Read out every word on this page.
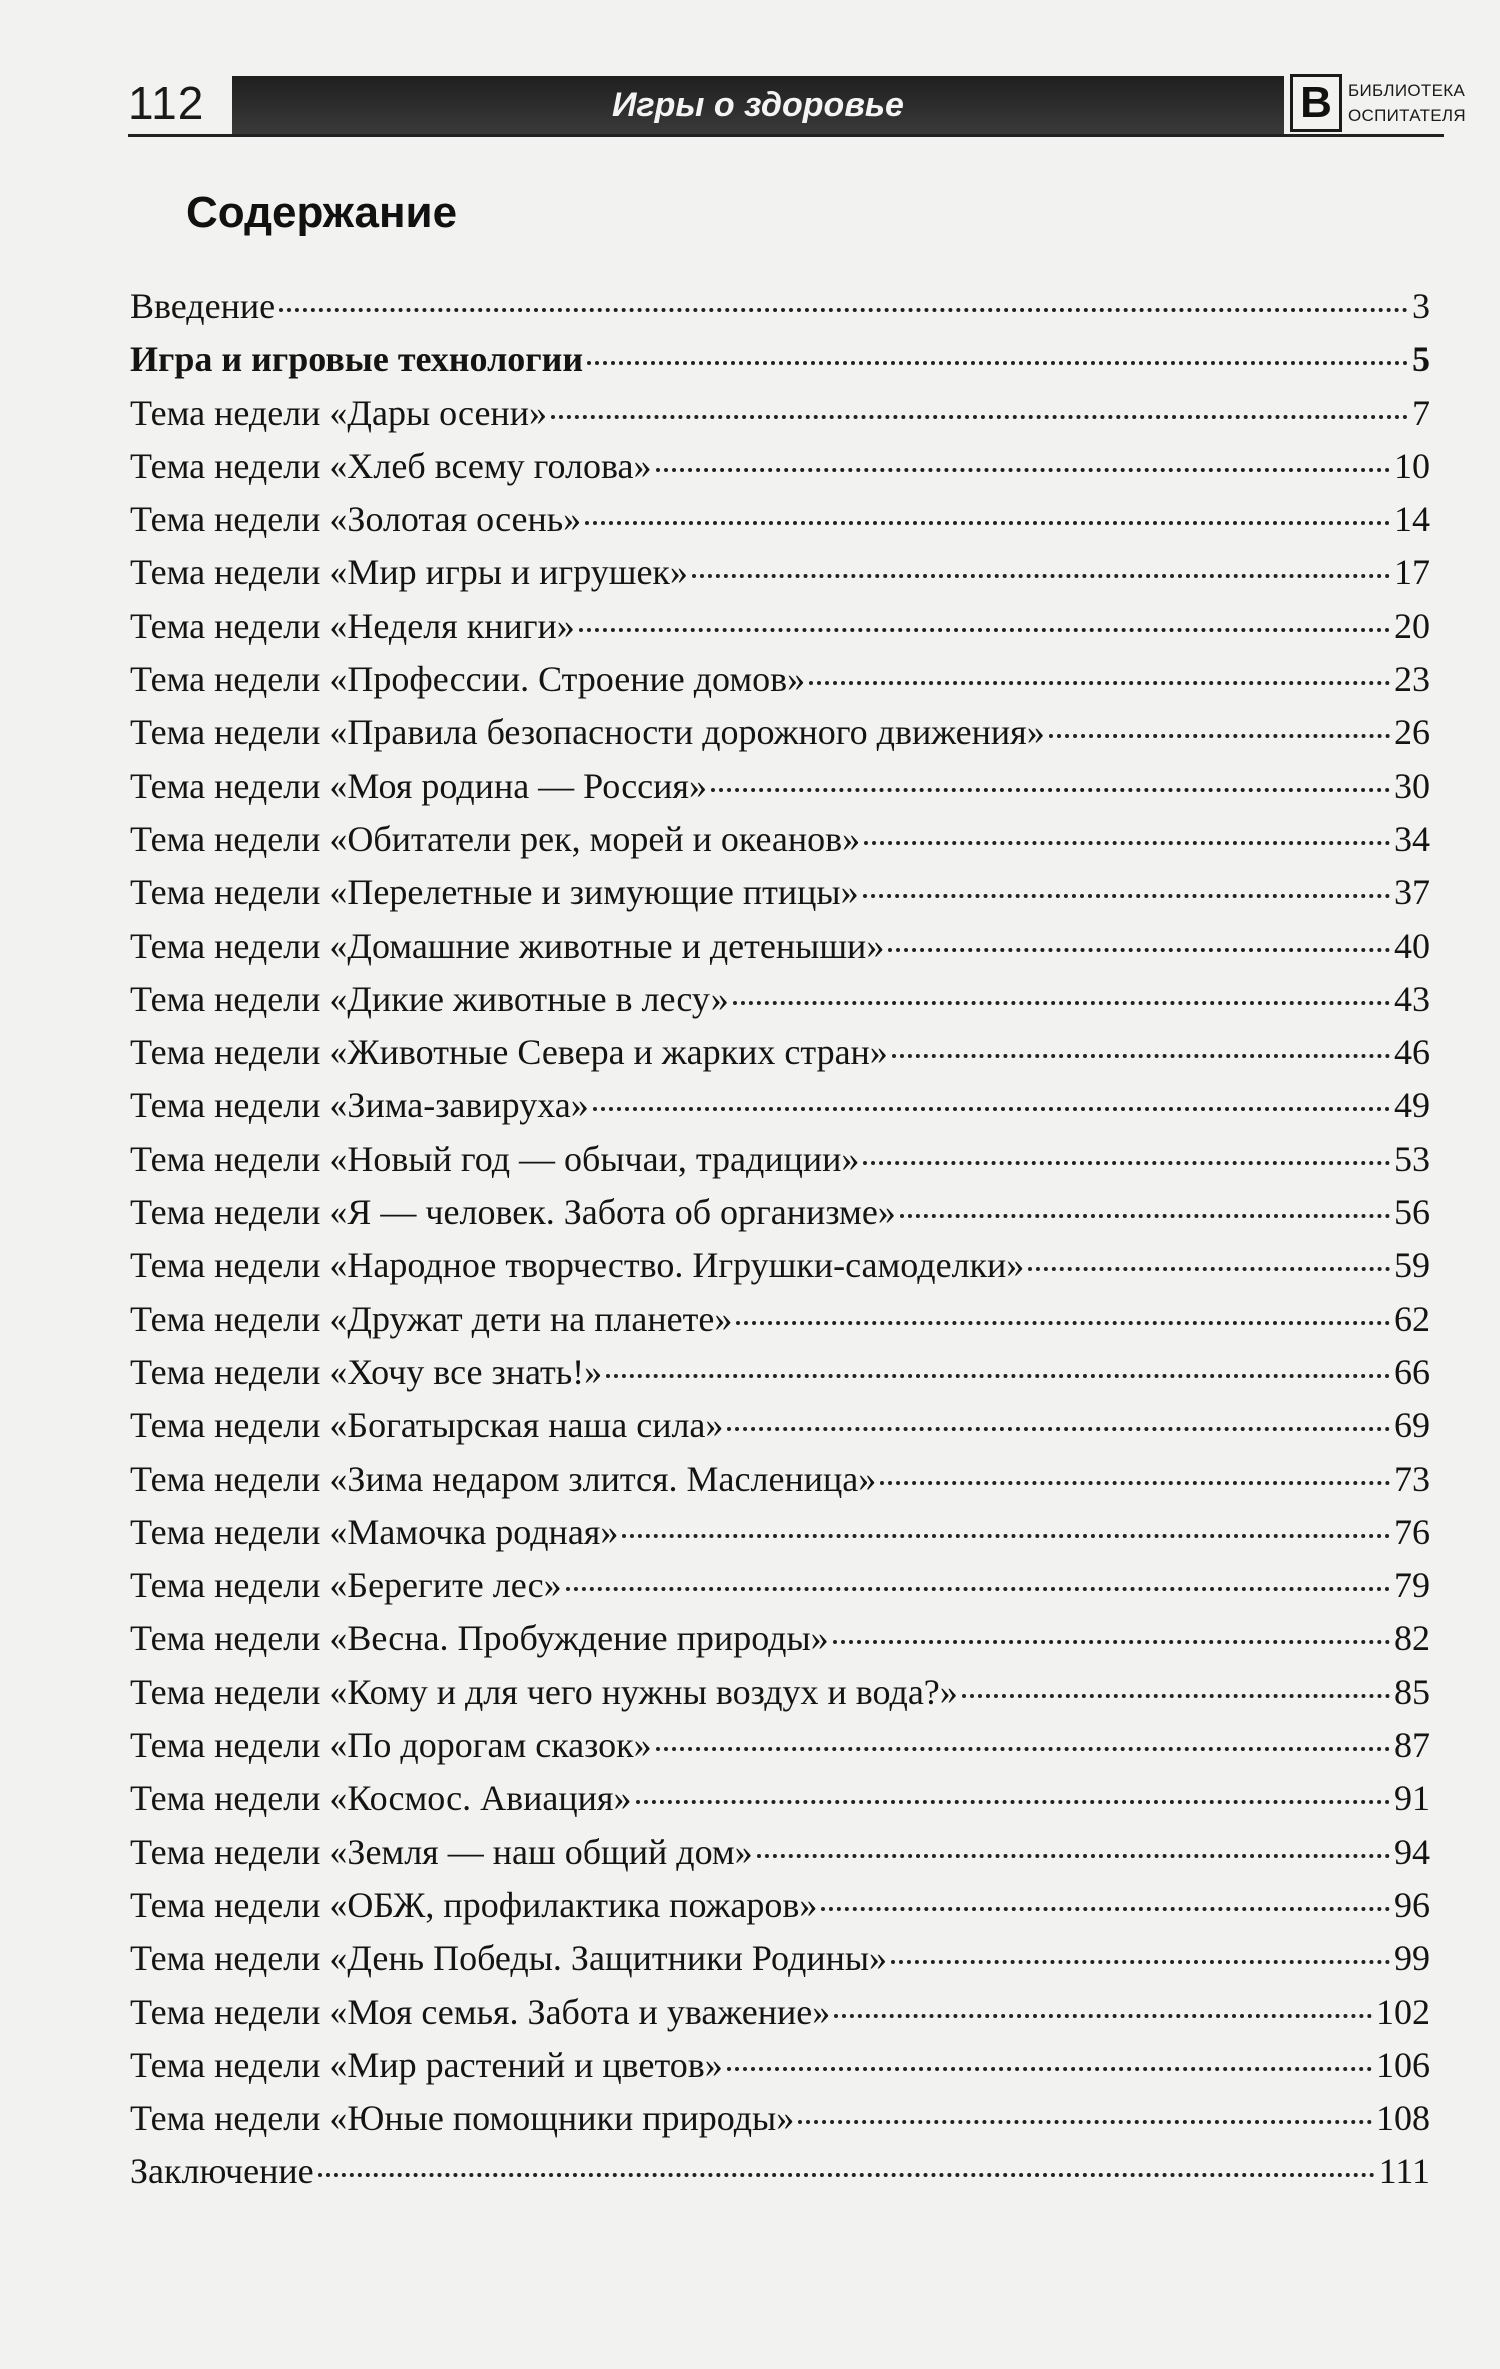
112	Игры о здоровье	В БИБЛИОТЕКА
ОСПИТАТЕЛЯ
Содержание
Введение	3
Игра и игровые технологии	5
Тема недели «Дары осени»	7
Тема недели «Хлеб всему голова»	10
Тема недели «Золотая осень»	14
Тема недели «Мир игры и игрушек»	17
Тема недели «Неделя книги»	20
Тема недели «Профессии. Строение домов»	23
Тема недели «Правила безопасности дорожного движения»	26
Тема недели «Моя родина — Россия»	30
Тема недели «Обитатели рек, морей и океанов»	34
Тема недели «Перелетные и зимующие птицы»	37
Тема недели «Домашние животные и детеныши»	40
Тема недели «Дикие животные в лесу»	43
Тема недели «Животные Севера и жарких стран»	46
Тема недели «Зима-завируха»	49
Тема недели «Новый год — обычаи, традиции»	53
Тема недели «Я — человек. Забота об организме»	56
Тема недели «Народное творчество. Игрушки-самоделки»	59
Тема недели «Дружат дети на планете»	62
Тема недели «Хочу все знать!»	66
Тема недели «Богатырская наша сила»	69
Тема недели «Зима недаром злится. Масленица»	73
Тема недели «Мамочка родная»	76
Тема недели «Берегите лес»	79
Тема недели «Весна. Пробуждение природы»	82
Тема недели «Кому и для чего нужны воздух и вода?»	85
Тема недели «По дорогам сказок»	87
Тема недели «Космос. Авиация»	91
Тема недели «Земля — наш общий дом»	94
Тема недели «ОБЖ, профилактика пожаров»	96
Тема недели «День Победы. Защитники Родины»	99
Тема недели «Моя семья. Забота и уважение»	102
Тема недели «Мир растений и цветов»	106
Тема недели «Юные помощники природы»	108
Заключение	111
